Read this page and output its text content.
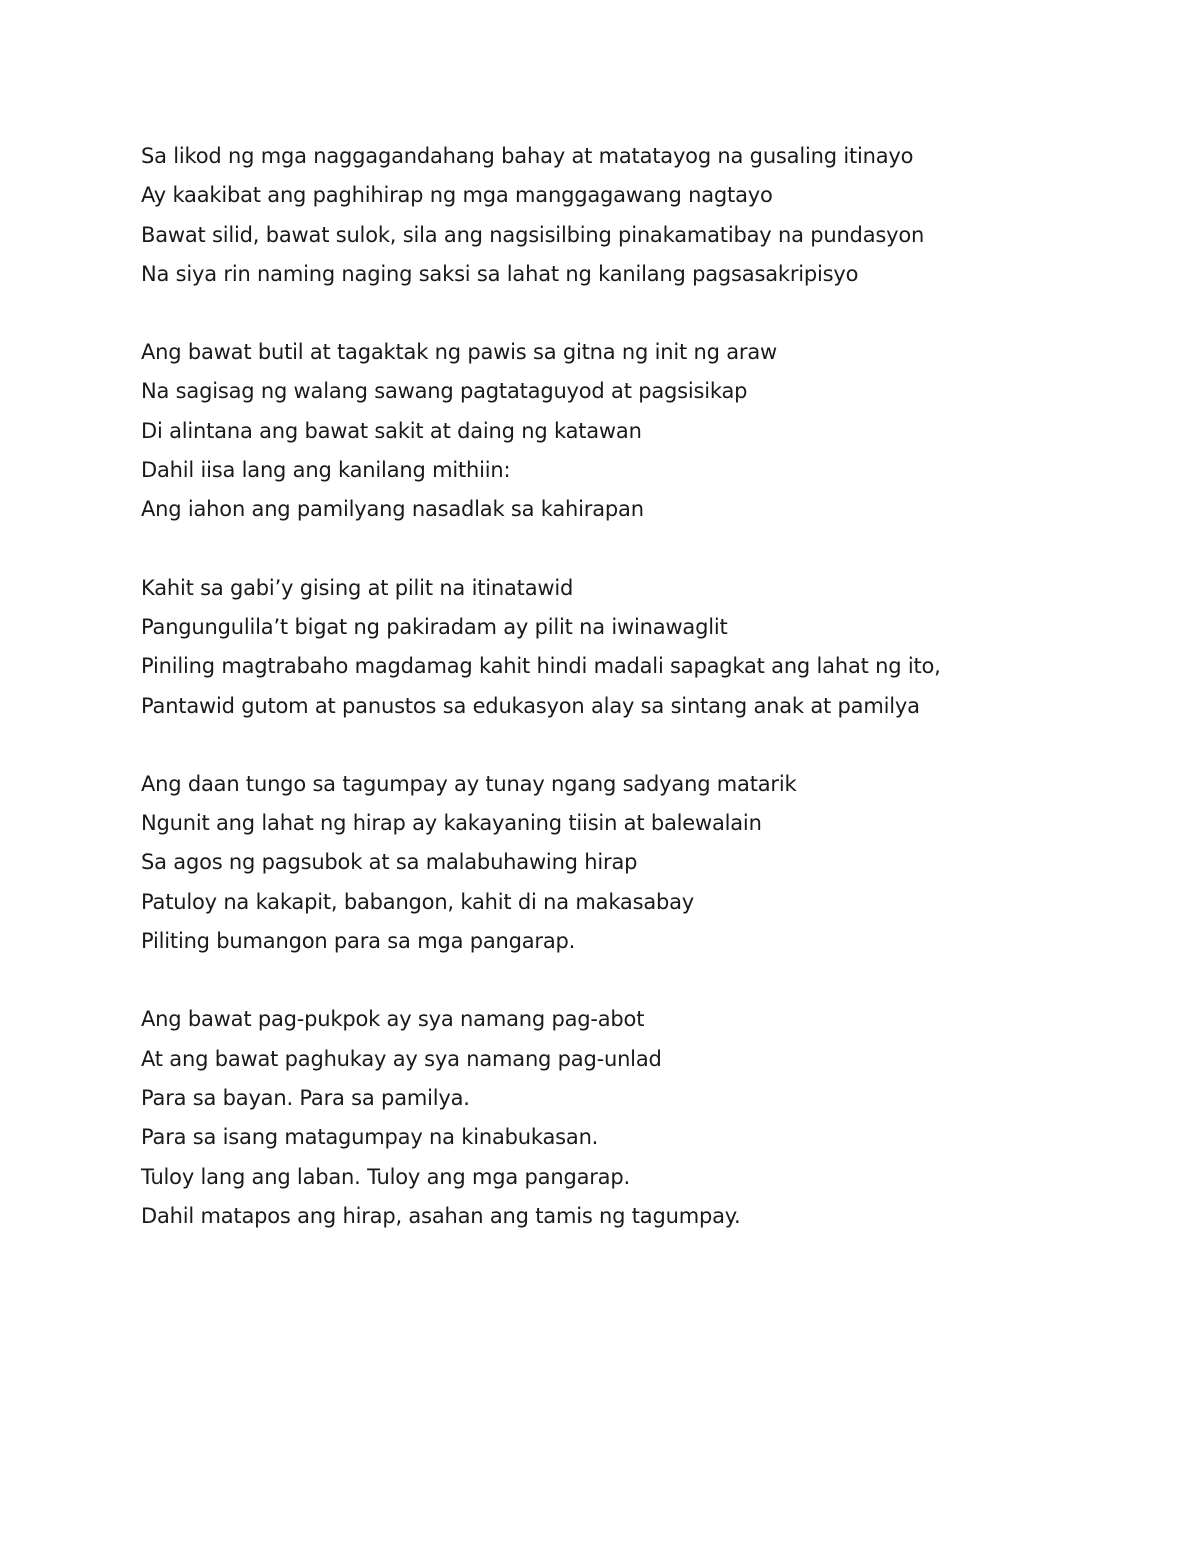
Sa likod ng mga naggagandahang bahay at matatayog na gusaling itinayo
Ay kaakibat ang paghihirap ng mga manggagawang nagtayo
Bawat silid, bawat sulok, sila ang nagsisilbing pinakamatibay na pundasyon
Na siya rin naming naging saksi sa lahat ng kanilang pagsasakripisyo
Ang bawat butil at tagaktak ng pawis sa gitna ng init ng araw
Na sagisag ng walang sawang pagtataguyod at pagsisikap
Di alintana ang bawat sakit at daing ng katawan
Dahil iisa lang ang kanilang mithiin:
Ang iahon ang pamilyang nasadlak sa kahirapan
Kahit sa gabi’y gising at pilit na itinatawid
Pangungulila’t bigat ng pakiradam ay pilit na iwinawaglit
Piniling magtrabaho magdamag kahit hindi madali sapagkat ang lahat ng ito,
Pantawid gutom at panustos sa edukasyon alay sa sintang anak at pamilya
Ang daan tungo sa tagumpay ay tunay ngang sadyang matarik
Ngunit ang lahat ng hirap ay kakayaning tiisin at balewalain
Sa agos ng pagsubok at sa malabuhawing hirap
Patuloy na kakapit, babangon, kahit di na makasabay
Piliting bumangon para sa mga pangarap.
Ang bawat pag-pukpok ay sya namang pag-abot
At ang bawat paghukay ay sya namang pag-unlad
Para sa bayan. Para sa pamilya.
Para sa isang matagumpay na kinabukasan.
Tuloy lang ang laban. Tuloy ang mga pangarap.
Dahil matapos ang hirap, asahan ang tamis ng tagumpay.
